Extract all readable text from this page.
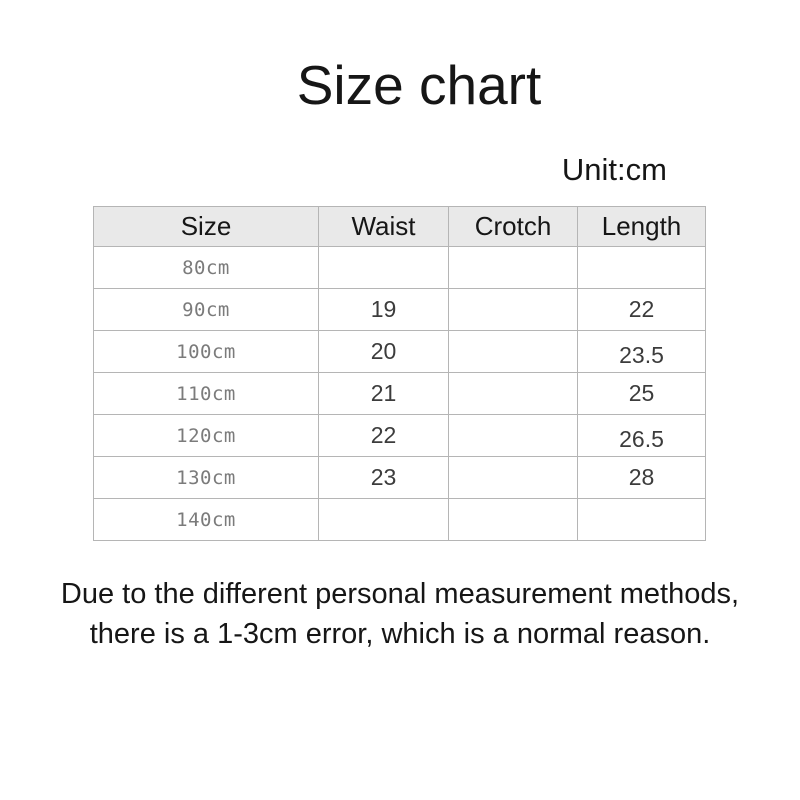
Size chart
Unit:cm
Size	Waist	Crotch	Length
80cm			
90cm	19		22
100cm	20		23.5
110cm	21		25
120cm	22		26.5
130cm	23		28
140cm			

Due to the different personal measurement methods,
there is a 1-3cm error, which is a normal reason.
